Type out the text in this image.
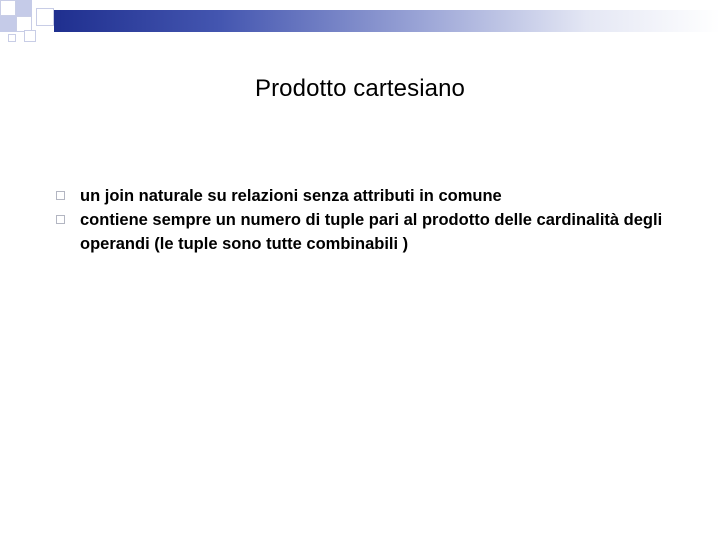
Prodotto cartesiano
un join naturale su relazioni senza attributi in comune
contiene sempre un numero di tuple pari al prodotto delle cardinalità degli operandi (le tuple sono tutte combinabili )
